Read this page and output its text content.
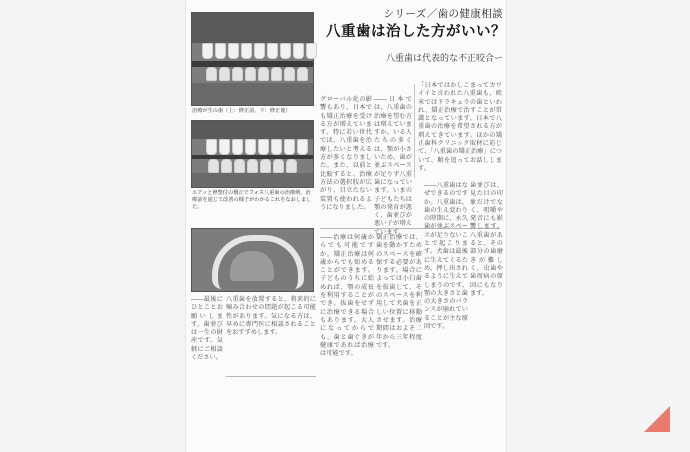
治療が生の歯（上：修正前、下：修正後）
エアッと修整付の矯正でフォス八重歯の治療例。治療前を通じて改善の様子がわかるこれをなおしました。
シリーズ／歯の健康相談
八重歯は治した方がいい？
八重歯は代表的な不正咬合ー
「日本ではかしこまってカワイイと言われた八重歯も、欧米ではドラキュラの歯といわれ、矯正治療で治すことが常識となっています。日本で八重歯の治療を希望される方が増えてきています。ほかの矯正歯科クリニック取材に応じて、「八重歯の矯正治療」について、順を追ってお話しします。
――日本では、八重歯の治療を望む方は増えていますか。いる人たちの多くは、顎が小さいため、歯が並ぶスペースが足りず八重歯になっています。いまの子どもたちは顎の発育が悪く、歯並びが悪い子が増えています。
グローバル化の影響もあり、日本でも矯正治療を受ける方が増えています。特に若い世代では、八重歯を治療したいと考える方が多くなりました。また、以前と比較すると、治療方法の選択肢が広がり、目立たない装置も使われるようになりました。
歯並びは、見た目の印象だけでなく、咀嚼や発音にも影響します。八重歯があると、その部分の歯磨きが難しく、虫歯や歯周病の原因にもなります。
――八重歯はなぜできるのですか。八重歯は、歯の生え変わりの時期に、永久歯が並ぶスペースが足りないことで起こります。犬歯は最後に生えてくるため、押し出されるように生えてしまうのです。顎の大きさと歯の大きさのバランスが崩れていることが主な原因です。
矯正治療では、歯を動かすためのスペースを確保する必要があります。場合によっては小臼歯を抜歯して、そのスペースを利用して犬歯を正しい位置に移動させます。治療期間はおよそ二年から三年程度です。
――治療は何歳からでも可能ですか。矯正治療は何歳からでも始めることができます。子どものうちに始めれば、顎の成長を利用することができ、抜歯をせずに治療できる場合もあります。大人になってからでも、歯と歯ぐきが健康であれば治療は可能です。
八重歯を放置すると、将来的に噛み合わせの問題が起こる可能性があります。気になる方は、早めに専門医に相談されることをおすすめします。
――最後にひとことお願いします。歯並びは一生の財産です。気軽にご相談ください。
